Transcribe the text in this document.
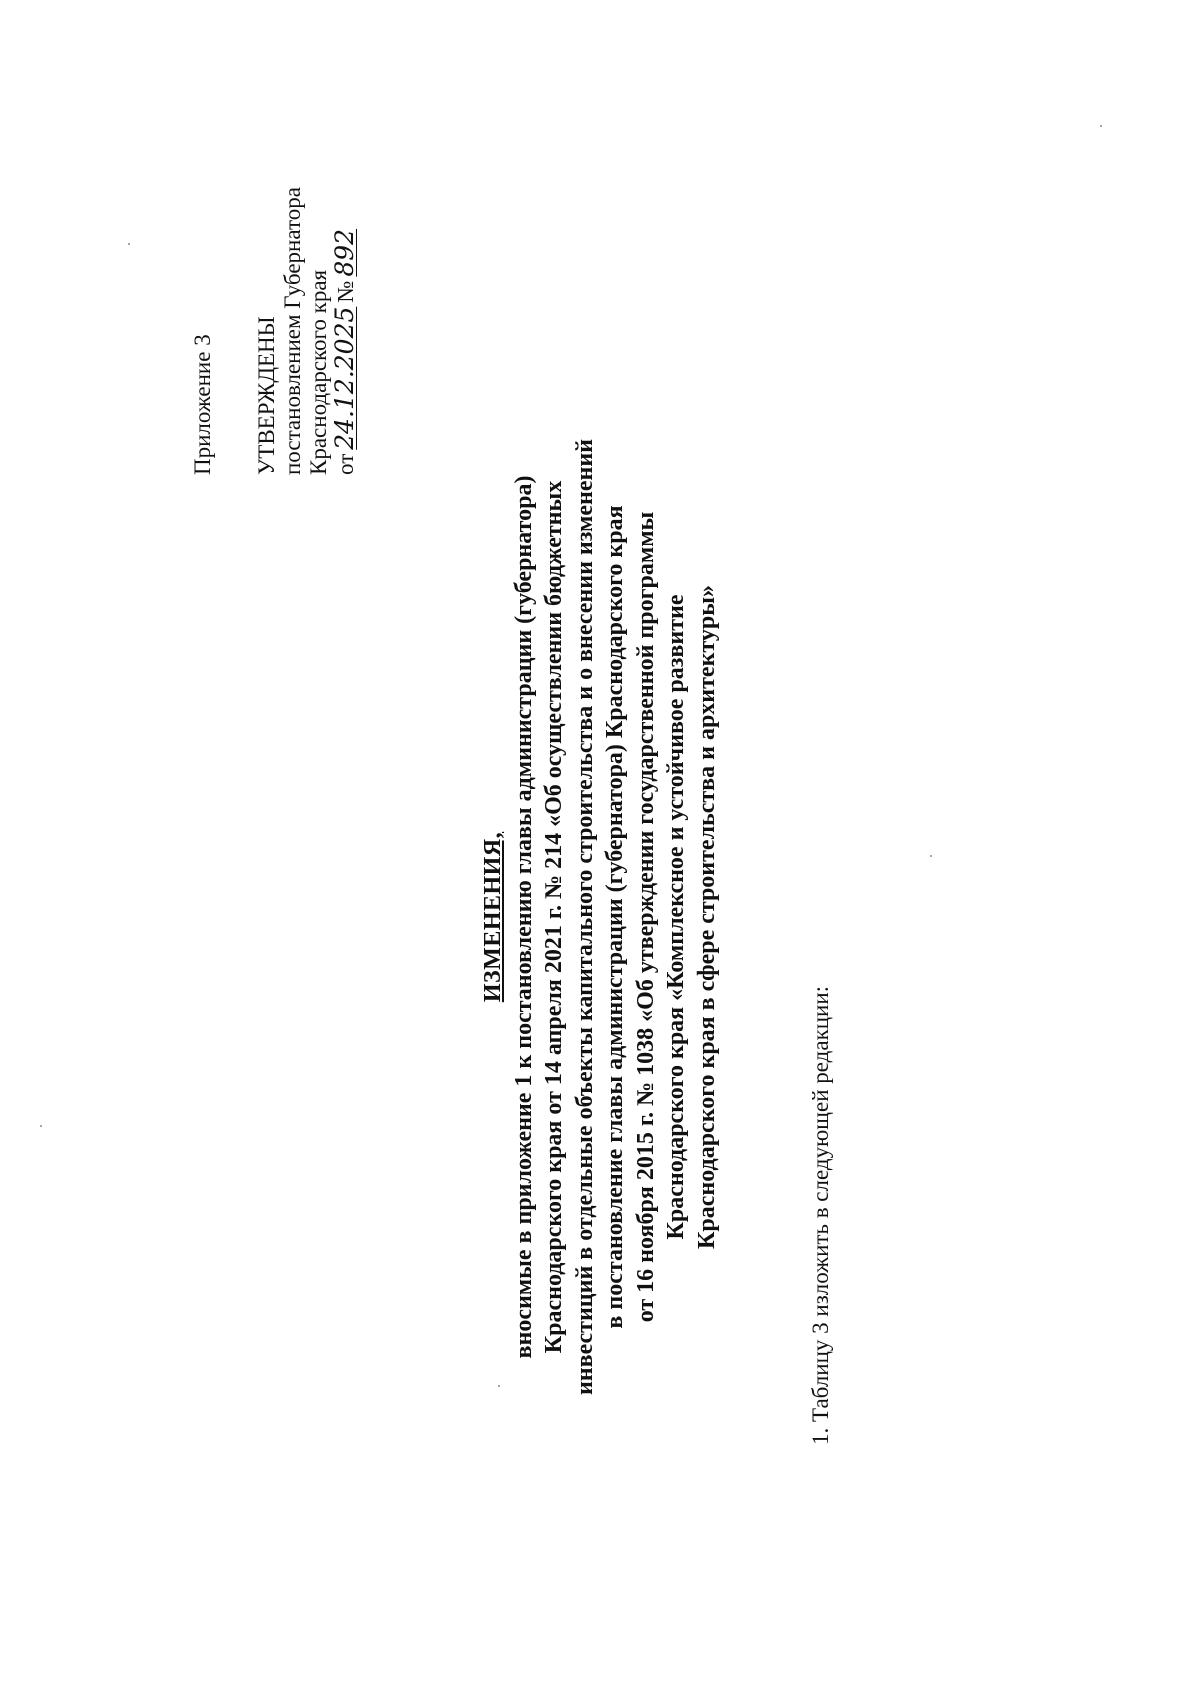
Приложение 3 УТВЕРЖДЕНЫ постановлением Губернатора Краснодарского края от24.12.2025№892
ИЗМЕНЕНИЯ, вносимые в приложение 1 к постановлению главы администрации (губернатора) Краснодарского края от 14 апреля 2021 г. № 214 «Об осуществлении бюджетных инвестиций в отдельные объекты капитального строительства и о внесении изменений в постановление главы администрации (губернатора) Краснодарского края от 16 ноября 2015 г. № 1038 «Об утверждении государственной программы Краснодарского края «Комплексное и устойчивое развитие Краснодарского края в сфере строительства и архитектуры»	1. Таблицу 3 изложить в следующей редакции:
